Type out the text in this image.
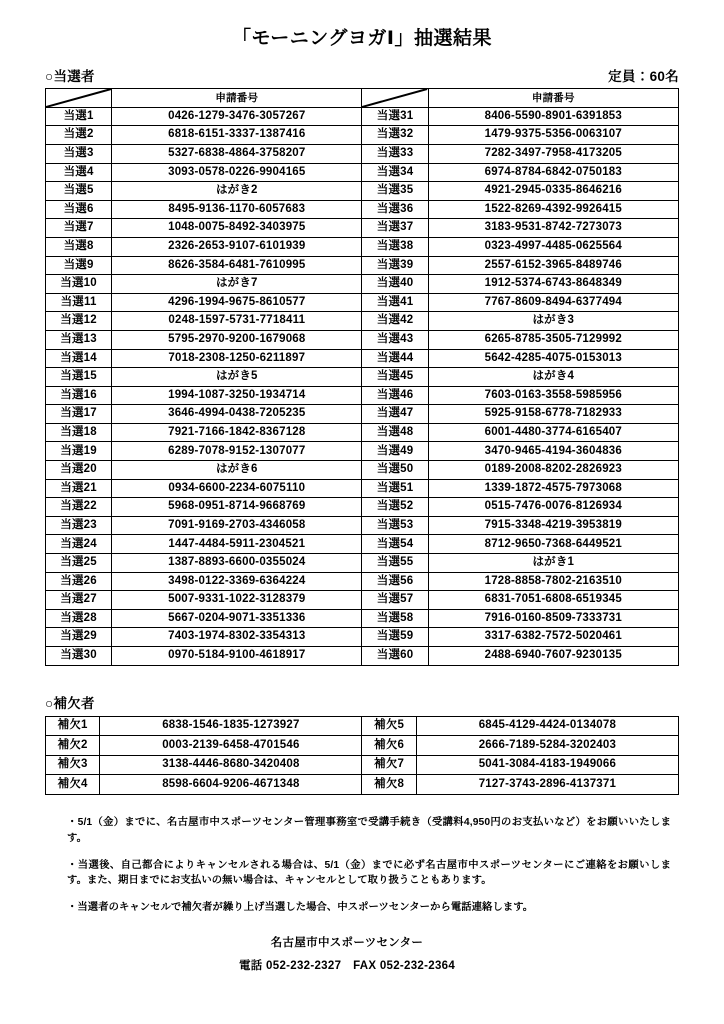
「モーニングヨガⅠ」抽選結果
○当選者	定員：60名
	申請番号		申請番号
当選1	0426-1279-3476-3057267	当選31	8406-5590-8901-6391853
当選2	6818-6151-3337-1387416	当選32	1479-9375-5356-0063107
当選3	5327-6838-4864-3758207	当選33	7282-3497-7958-4173205
当選4	3093-0578-0226-9904165	当選34	6974-8784-6842-0750183
当選5	はがき2	当選35	4921-2945-0335-8646216
当選6	8495-9136-1170-6057683	当選36	1522-8269-4392-9926415
当選7	1048-0075-8492-3403975	当選37	3183-9531-8742-7273073
当選8	2326-2653-9107-6101939	当選38	0323-4997-4485-0625564
当選9	8626-3584-6481-7610995	当選39	2557-6152-3965-8489746
当選10	はがき7	当選40	1912-5374-6743-8648349
当選11	4296-1994-9675-8610577	当選41	7767-8609-8494-6377494
当選12	0248-1597-5731-7718411	当選42	はがき3
当選13	5795-2970-9200-1679068	当選43	6265-8785-3505-7129992
当選14	7018-2308-1250-6211897	当選44	5642-4285-4075-0153013
当選15	はがき5	当選45	はがき4
当選16	1994-1087-3250-1934714	当選46	7603-0163-3558-5985956
当選17	3646-4994-0438-7205235	当選47	5925-9158-6778-7182933
当選18	7921-7166-1842-8367128	当選48	6001-4480-3774-6165407
当選19	6289-7078-9152-1307077	当選49	3470-9465-4194-3604836
当選20	はがき6	当選50	0189-2008-8202-2826923
当選21	0934-6600-2234-6075110	当選51	1339-1872-4575-7973068
当選22	5968-0951-8714-9668769	当選52	0515-7476-0076-8126934
当選23	7091-9169-2703-4346058	当選53	7915-3348-4219-3953819
当選24	1447-4484-5911-2304521	当選54	8712-9650-7368-6449521
当選25	1387-8893-6600-0355024	当選55	はがき1
当選26	3498-0122-3369-6364224	当選56	1728-8858-7802-2163510
当選27	5007-9331-1022-3128379	当選57	6831-7051-6808-6519345
当選28	5667-0204-9071-3351336	当選58	7916-0160-8509-7333731
当選29	7403-1974-8302-3354313	当選59	3317-6382-7572-5020461
当選30	0970-5184-9100-4618917	当選60	2488-6940-7607-9230135
○補欠者
補欠1	6838-1546-1835-1273927	補欠5	6845-4129-4424-0134078
補欠2	0003-2139-6458-4701546	補欠6	2666-7189-5284-3202403
補欠3	3138-4446-8680-3420408	補欠7	5041-3084-4183-1949066
補欠4	8598-6604-9206-4671348	補欠8	7127-3743-2896-4137371

・5/1（金）までに、名古屋市中スポーツセンター管理事務室で受講手続き（受講料4,950円のお支払いなど）をお願いいたします。

・当選後、自己都合によりキャンセルされる場合は、5/1（金）までに必ず名古屋市中スポーツセンターにご連絡をお願いします。また、期日までにお支払いの無い場合は、キャンセルとして取り扱うこともあります。

・当選者のキャンセルで補欠者が繰り上げ当選した場合、中スポーツセンターから電話連絡します。

名古屋市中スポーツセンター
電話 052-232-2327　FAX 052-232-2364
